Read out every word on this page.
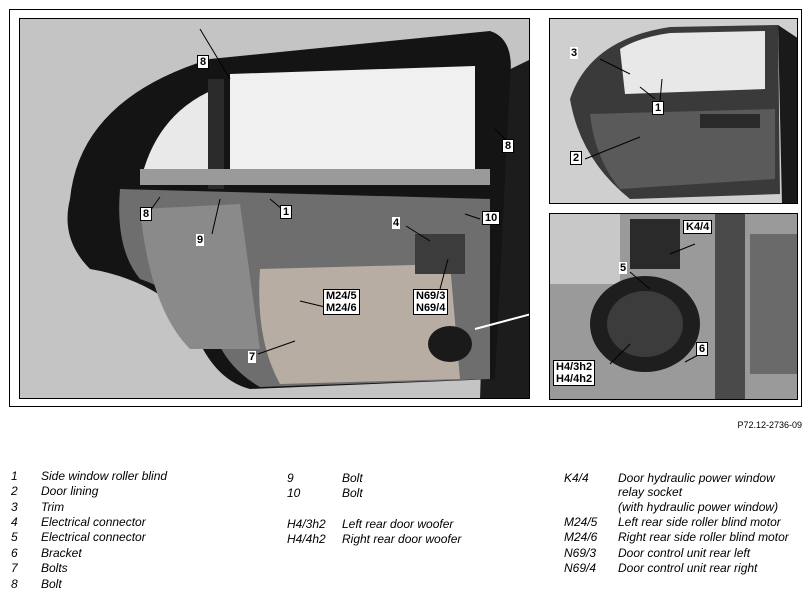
8
8
8	1
9
4	10
M24/5
M24/6
N69/3
N69/4
7
3
1
2
K4/4
5
H4/3h2
H4/4h2
6
P72.12-2736-09
1 Side window roller blind
2 Door lining
3 Trim
4 Electrical connector
5 Electrical connector
6 Bracket
7 Bolts
8 Bolt
9	Bolt
10	Bolt
H4/3h2 Left rear door woofer
H4/4h2 Right rear door woofer
K4/4 Door hydraulic power window
relay socket
(with hydraulic power window)
M24/5 Left rear side roller blind motor
M24/6 Right rear side roller blind motor
N69/3 Door control unit rear left
N69/4 Door control unit rear right
